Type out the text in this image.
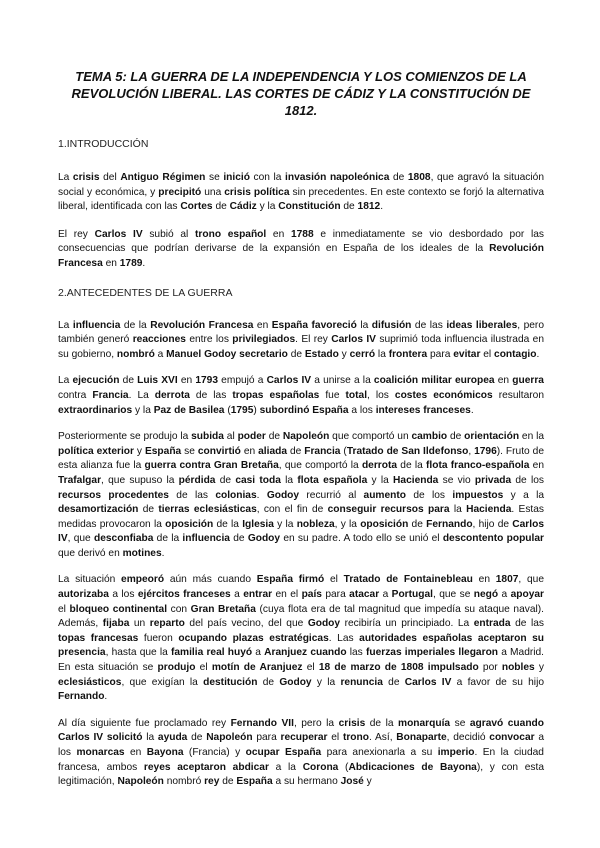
TEMA 5: LA GUERRA DE LA INDEPENDENCIA Y LOS COMIENZOS DE LA REVOLUCIÓN LIBERAL. LAS CORTES DE CÁDIZ Y LA CONSTITUCIÓN DE 1812.

1.INTRODUCCIÓN

La crisis del Antiguo Régimen se inició con la invasión napoleónica de 1808, que agravó la situación social y económica, y precipitó una crisis política sin precedentes. En este contexto se forjó la alternativa liberal, identificada con las Cortes de Cádiz y la Constitución de 1812.

El rey Carlos IV subió al trono español en 1788 e inmediatamente se vio desbordado por las consecuencias que podrían derivarse de la expansión en España de los ideales de la Revolución Francesa en 1789.

2.ANTECEDENTES DE LA GUERRA

La influencia de la Revolución Francesa en España favoreció la difusión de las ideas liberales, pero también generó reacciones entre los privilegiados. El rey Carlos IV suprimió toda influencia ilustrada en su gobierno, nombró a Manuel Godoy secretario de Estado y cerró la frontera para evitar el contagio.

La ejecución de Luis XVI en 1793 empujó a Carlos IV a unirse a la coalición militar europea en guerra contra Francia. La derrota de las tropas españolas fue total, los costes económicos resultaron extraordinarios y la Paz de Basilea (1795) subordinó España a los intereses franceses.

Posteriormente se produjo la subida al poder de Napoleón que comportó un cambio de orientación en la política exterior y España se convirtió en aliada de Francia (Tratado de San Ildefonso, 1796). Fruto de esta alianza fue la guerra contra Gran Bretaña, que comportó la derrota de la flota franco-española en Trafalgar, que supuso la pérdida de casi toda la flota española y la Hacienda se vio privada de los recursos procedentes de las colonias. Godoy recurrió al aumento de los impuestos y a la desamortización de tierras eclesiásticas, con el fin de conseguir recursos para la Hacienda. Estas medidas provocaron la oposición de la Iglesia y la nobleza, y la oposición de Fernando, hijo de Carlos IV, que desconfiaba de la influencia de Godoy en su padre. A todo ello se unió el descontento popular que derivó en motines.

La situación empeoró aún más cuando España firmó el Tratado de Fontainebleau en 1807, que autorizaba a los ejércitos franceses a entrar en el país para atacar a Portugal, que se negó a apoyar el bloqueo continental con Gran Bretaña (cuya flota era de tal magnitud que impedía su ataque naval). Además, fijaba un reparto del país vecino, del que Godoy recibiría un principiado. La entrada de las topas francesas fueron ocupando plazas estratégicas. Las autoridades españolas aceptaron su presencia, hasta que la familia real huyó a Aranjuez cuando las fuerzas imperiales llegaron a Madrid. En esta situación se produjo el motín de Aranjuez el 18 de marzo de 1808 impulsado por nobles y eclesiásticos, que exigían la destitución de Godoy y la renuncia de Carlos IV a favor de su hijo Fernando.

Al día siguiente fue proclamado rey Fernando VII, pero la crisis de la monarquía se agravó cuando Carlos IV solicitó la ayuda de Napoleón para recuperar el trono. Así, Bonaparte, decidió convocar a los monarcas en Bayona (Francia) y ocupar España para anexionarla a su imperio. En la ciudad francesa, ambos reyes aceptaron abdicar a la Corona (Abdicaciones de Bayona), y con esta legitimación, Napoleón nombró rey de España a su hermano José y
